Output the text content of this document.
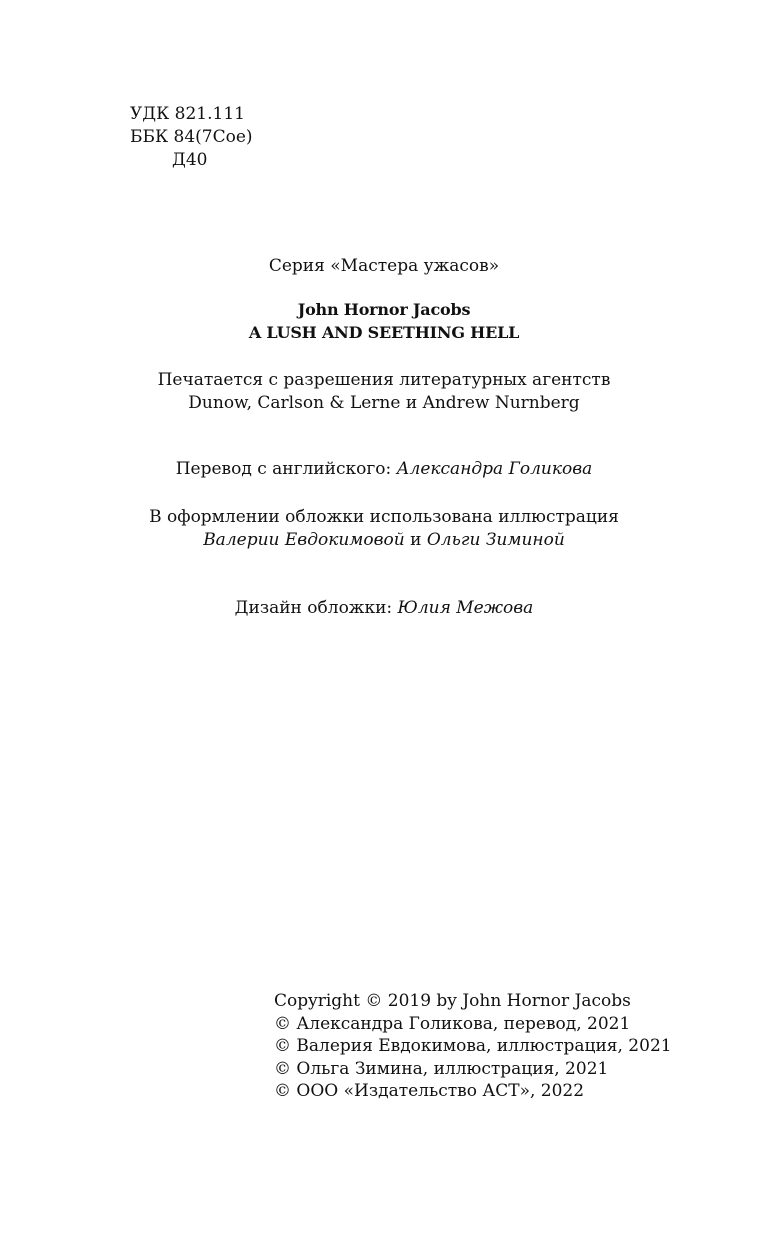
УДК 821.111
ББК 84(7Сое)
Д40
Серия «Мастера ужасов»
John Hornor Jacobs
A LUSH AND SEETHING HELL
Печатается с разрешения литературных агентств
Dunow, Carlson & Lerne и Andrew Nurnberg
Перевод с английского: Александра Голикова
В оформлении обложки использована иллюстрация
Валерии Евдокимовой и Ольги Зиминой
Дизайн обложки: Юлия Межова
Copyright © 2019 by John Hornor Jacobs
© Александра Голикова, перевод, 2021
© Валерия Евдокимова, иллюстрация, 2021
© Ольга Зимина, иллюстрация, 2021
© ООО «Издательство АСТ», 2022
